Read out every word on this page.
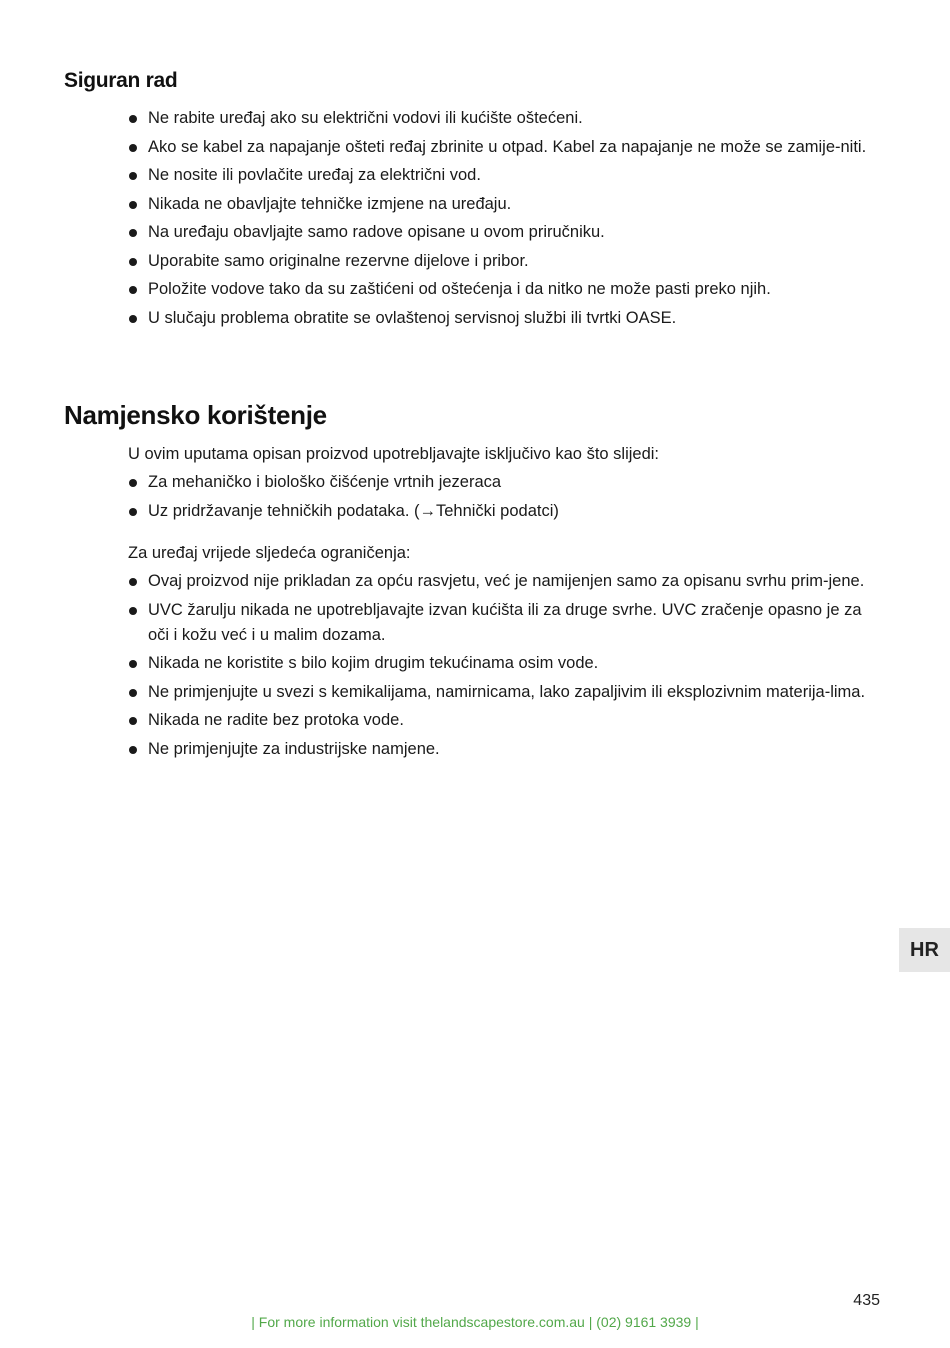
Siguran rad
Ne rabite uređaj ako su električni vodovi ili kućište oštećeni.
Ako se kabel za napajanje ošteti ređaj zbrinite u otpad. Kabel za napajanje ne može se zamije-niti.
Ne nosite ili povlačite uređaj za električni vod.
Nikada ne obavljajte tehničke izmjene na uređaju.
Na uređaju obavljajte samo radove opisane u ovom priručniku.
Uporabite samo originalne rezervne dijelove i pribor.
Položite vodove tako da su zaštićeni od oštećenja i da nitko ne može pasti preko njih.
U slučaju problema obratite se ovlaštenoj servisnoj službi ili tvrtki OASE.
Namjensko korištenje

U ovim uputama opisan proizvod upotrebljavajte isključivo kao što slijedi:

Za mehaničko i biološko čišćenje vrtnih jezeraca
Uz pridržavanje tehničkih podataka. (→Tehnički podatci)

Za uređaj vrijede sljedeća ograničenja:

Ovaj proizvod nije prikladan za opću rasvjetu, već je namijenjen samo za opisanu svrhu prim-jene.
UVC žarulju nikada ne upotrebljavajte izvan kućišta ili za druge svrhe. UVC zračenje opasno je za oči i kožu već i u malim dozama.
Nikada ne koristite s bilo kojim drugim tekućinama osim vode.
Ne primjenjujte u svezi s kemikalijama, namirnicama, lako zapaljivim ili eksplozivnim materija-lima.
Nikada ne radite bez protoka vode.
Ne primjenjujte za industrijske namjene.
HR
435
| For more information visit thelandscapestore.com.au | (02) 9161 3939 |
